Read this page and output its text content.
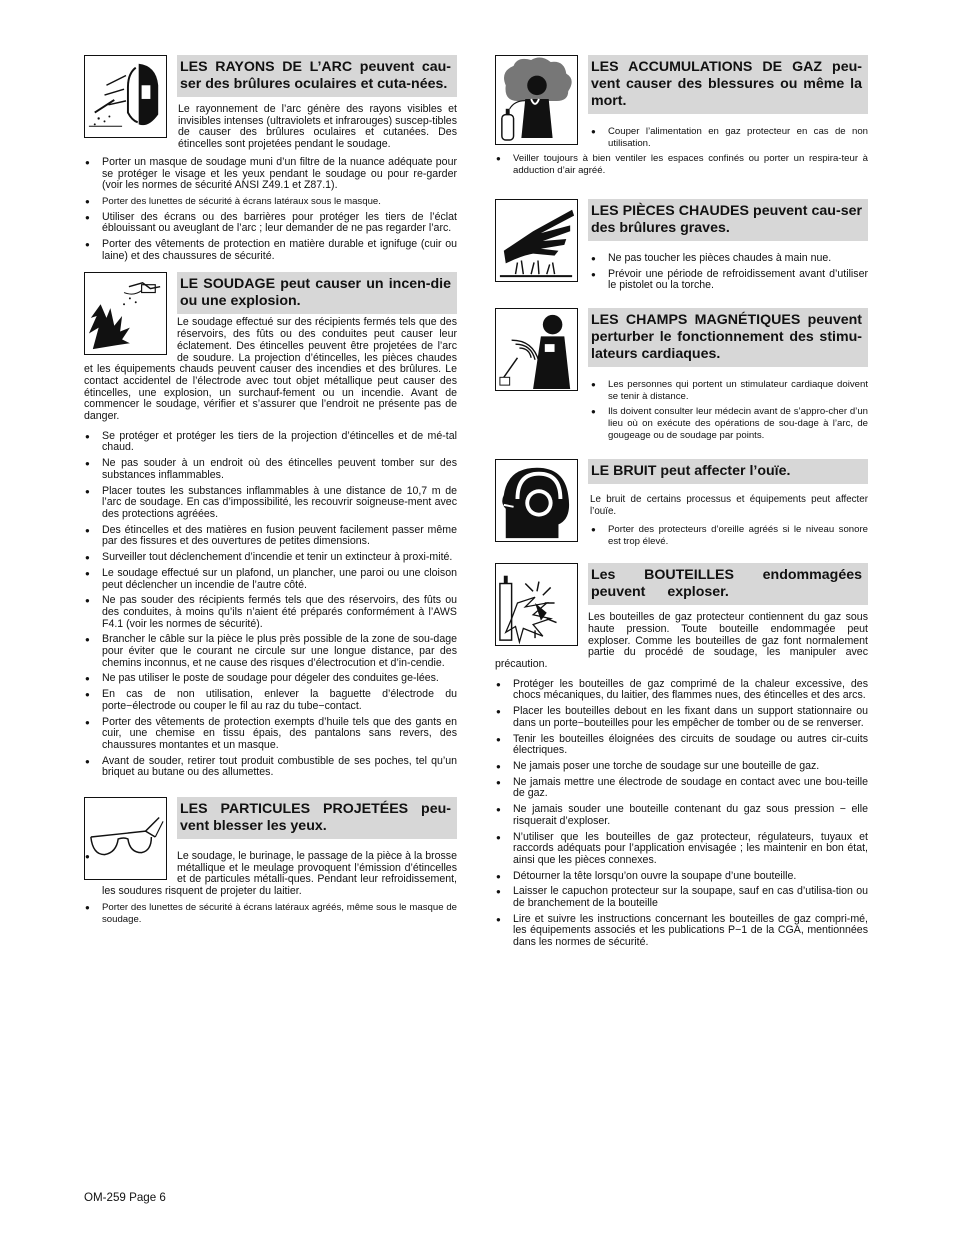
LES RAYONS DE L’ARC peuvent cau-ser des brûlures oculaires et cuta-nées.

Le rayonnement de l’arc génère des rayons visibles et invisibles intenses (ultraviolets et infrarouges) suscep-tibles de causer des brûlures oculaires et cutanées. Des étincelles sont projetées pendant le soudage.

● Porter un masque de soudage muni d’un filtre de la nuance adéquate pour se protéger le visage et les yeux pendant le soudage ou pour re-garder (voir les normes de sécurité ANSI Z49.1 et Z87.1).
● Porter des lunettes de sécurité à écrans latéraux sous le masque.
● Utiliser des écrans ou des barrières pour protéger les tiers de l’éclat éblouissant ou aveuglant de l’arc ; leur demander de ne pas regarder l’arc.
● Porter des vêtements de protection en matière durable et ignifuge (cuir ou laine) et des chaussures de sécurité.
LE SOUDAGE peut causer un incen-die ou une explosion.

Le soudage effectué sur des récipients fermés tels que des réservoirs, des fûts ou des conduites peut causer leur éclatement. Des étincelles peuvent être projetées de l’arc de soudure. La projection d’étincelles, les pièces chaudes et les équipements chauds peuvent causer des incendies et des brûlures. Le contact accidentel de l’électrode avec tout objet métallique peut causer des étincelles, une explosion, un surchauf-fement ou un incendie. Avant de commencer le soudage, vérifier et s’assurer que l’endroit ne présente pas de danger.

● Se protéger et protéger les tiers de la projection d’étincelles et de mé-tal chaud.
● Ne pas souder à un endroit où des étincelles peuvent tomber sur des substances inflammables.
● Placer toutes les substances inflammables à une distance de 10,7 m de l’arc de soudage. En cas d’impossibilité, les recouvrir soigneuse-ment avec des protections agréées.
● Des étincelles et des matières en fusion peuvent facilement passer même par des fissures et des ouvertures de petites dimensions.
● Surveiller tout déclenchement d’incendie et tenir un extincteur à proxi-mité.
● Le soudage effectué sur un plafond, un plancher, une paroi ou une cloison peut déclencher un incendie de l’autre côté.
● Ne pas souder des récipients fermés tels que des réservoirs, des fûts ou des conduites, à moins qu’ils n’aient été préparés conformément à l’AWS F4.1 (voir les normes de sécurité).
● Brancher le câble sur la pièce le plus près possible de la zone de sou-dage pour éviter que le courant ne circule sur une longue distance, par des chemins inconnus, et ne cause des risques d’électrocution et d’in-cendie.
● Ne pas utiliser le poste de soudage pour dégeler des conduites ge-lées.
● En cas de non utilisation, enlever la baguette d’électrode du porte−électrode ou couper le fil au raz du tube−contact.
● Porter des vêtements de protection exempts d’huile tels que des gants en cuir, une chemise en tissu épais, des pantalons sans revers, des chaussures montantes et un masque.
● Avant de souder, retirer tout produit combustible de ses poches, tel qu’un briquet au butane ou des allumettes.
LES PARTICULES PROJETÉES peu-vent blesser les yeux.
● Le soudage, le burinage, le passage de la pièce à la brosse métallique et le meulage provoquent l’émission d’étincelles et de particules métalli-ques. Pendant leur refroidissement, les soudures risquent de projeter du laitier.
● Porter des lunettes de sécurité à écrans latéraux agréés, même sous le masque de soudage.
LES ACCUMULATIONS DE GAZ peu-vent causer des blessures ou même la mort.
● Couper l’alimentation en gaz protecteur en cas de non utilisation.
● Veiller toujours à bien ventiler les espaces confinés ou porter un respira-teur à adduction d’air agréé.
LES PIÈCES CHAUDES peuvent cau-ser des brûlures graves.
● Ne pas toucher les pièces chaudes à main nue.
● Prévoir une période de refroidissement avant d’utiliser le pistolet ou la torche.
LES CHAMPS MAGNÉTIQUES peuvent perturber le fonctionnement des stimu-lateurs cardiaques.
● Les personnes qui portent un stimulateur cardiaque doivent se tenir à distance.
● Ils doivent consulter leur médecin avant de s’appro-cher d’un lieu où on exécute des opérations de sou-dage à l’arc, de gougeage ou de soudage par points.
LE BRUIT peut affecter l’ouïe.

Le bruit de certains processus et équipements peut affecter l’ouïe.

● Porter des protecteurs d’oreille agréés si le niveau sonore est trop élevé.
Les BOUTEILLES endommagées peuvent exploser.

Les bouteilles de gaz protecteur contiennent du gaz sous haute pression. Toute bouteille endommagée peut exploser. Comme les bouteilles de gaz font normalement partie du procédé de soudage, les manipuler avec précaution.

● Protéger les bouteilles de gaz comprimé de la chaleur excessive, des chocs mécaniques, du laitier, des flammes nues, des étincelles et des arcs.
● Placer les bouteilles debout en les fixant dans un support stationnaire ou dans un porte−bouteilles pour les empêcher de tomber ou de se renverser.
● Tenir les bouteilles éloignées des circuits de soudage ou autres cir-cuits électriques.
● Ne jamais poser une torche de soudage sur une bouteille de gaz.
● Ne jamais mettre une électrode de soudage en contact avec une bou-teille de gaz.
● Ne jamais souder une bouteille contenant du gaz sous pression − elle risquerait d’exploser.
● N’utiliser que les bouteilles de gaz protecteur, régulateurs, tuyaux et raccords adéquats pour l’application envisagée ; les maintenir en bon état, ainsi que les pièces connexes.
● Détourner la tête lorsqu’on ouvre la soupape d’une bouteille.
● Laisser le capuchon protecteur sur la soupape, sauf en cas d’utilisa-tion ou de branchement de la bouteille
● Lire et suivre les instructions concernant les bouteilles de gaz compri-mé, les équipements associés et les publications P−1 de la CGA, mentionnées dans les normes de sécurité.
OM-259 Page 6
